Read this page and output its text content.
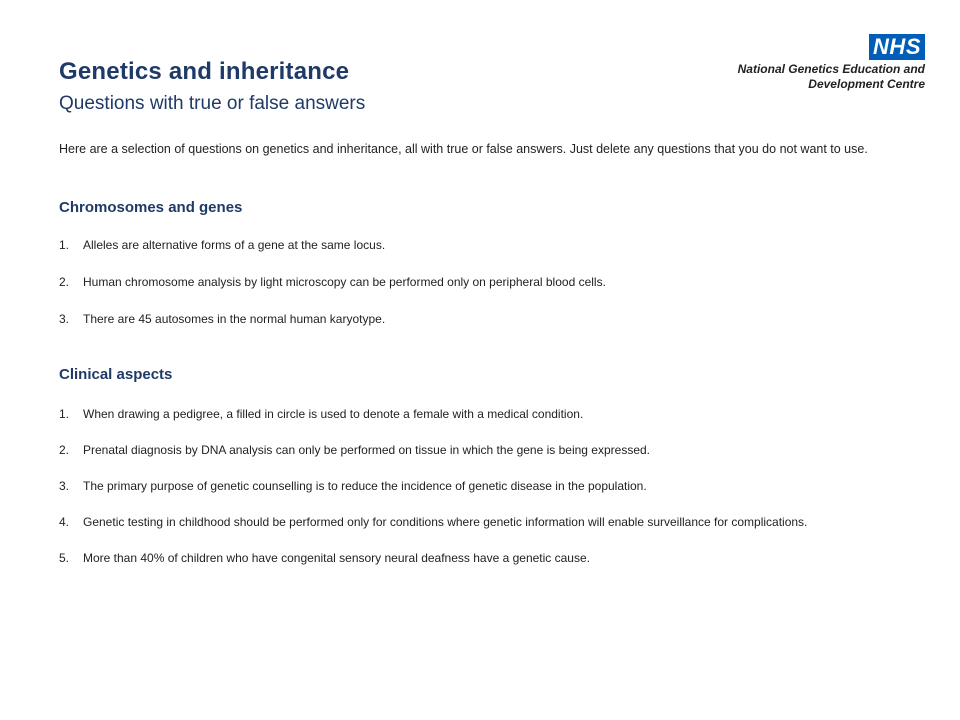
Genetics and inheritance
Questions with true or false answers
NHS
National Genetics Education and
Development Centre
Here are a selection of questions on genetics and inheritance, all with true or false answers. Just delete any questions that you do not want to use.
Chromosomes and genes
1.	Alleles are alternative forms of a gene at the same locus.
2.	Human chromosome analysis by light microscopy can be performed only on peripheral blood cells.
3.	There are 45 autosomes in the normal human karyotype.
Clinical aspects
1.	When drawing a pedigree, a filled in circle is used to denote a female with a medical condition.
2.	Prenatal diagnosis by DNA analysis can only be performed on tissue in which the gene is being expressed.
3.	The primary purpose of genetic counselling is to reduce the incidence of genetic disease in the population.
4.	Genetic testing in childhood should be performed only for conditions where genetic information will enable surveillance for complications.
5.	More than 40% of children who have congenital sensory neural deafness have a genetic cause.
